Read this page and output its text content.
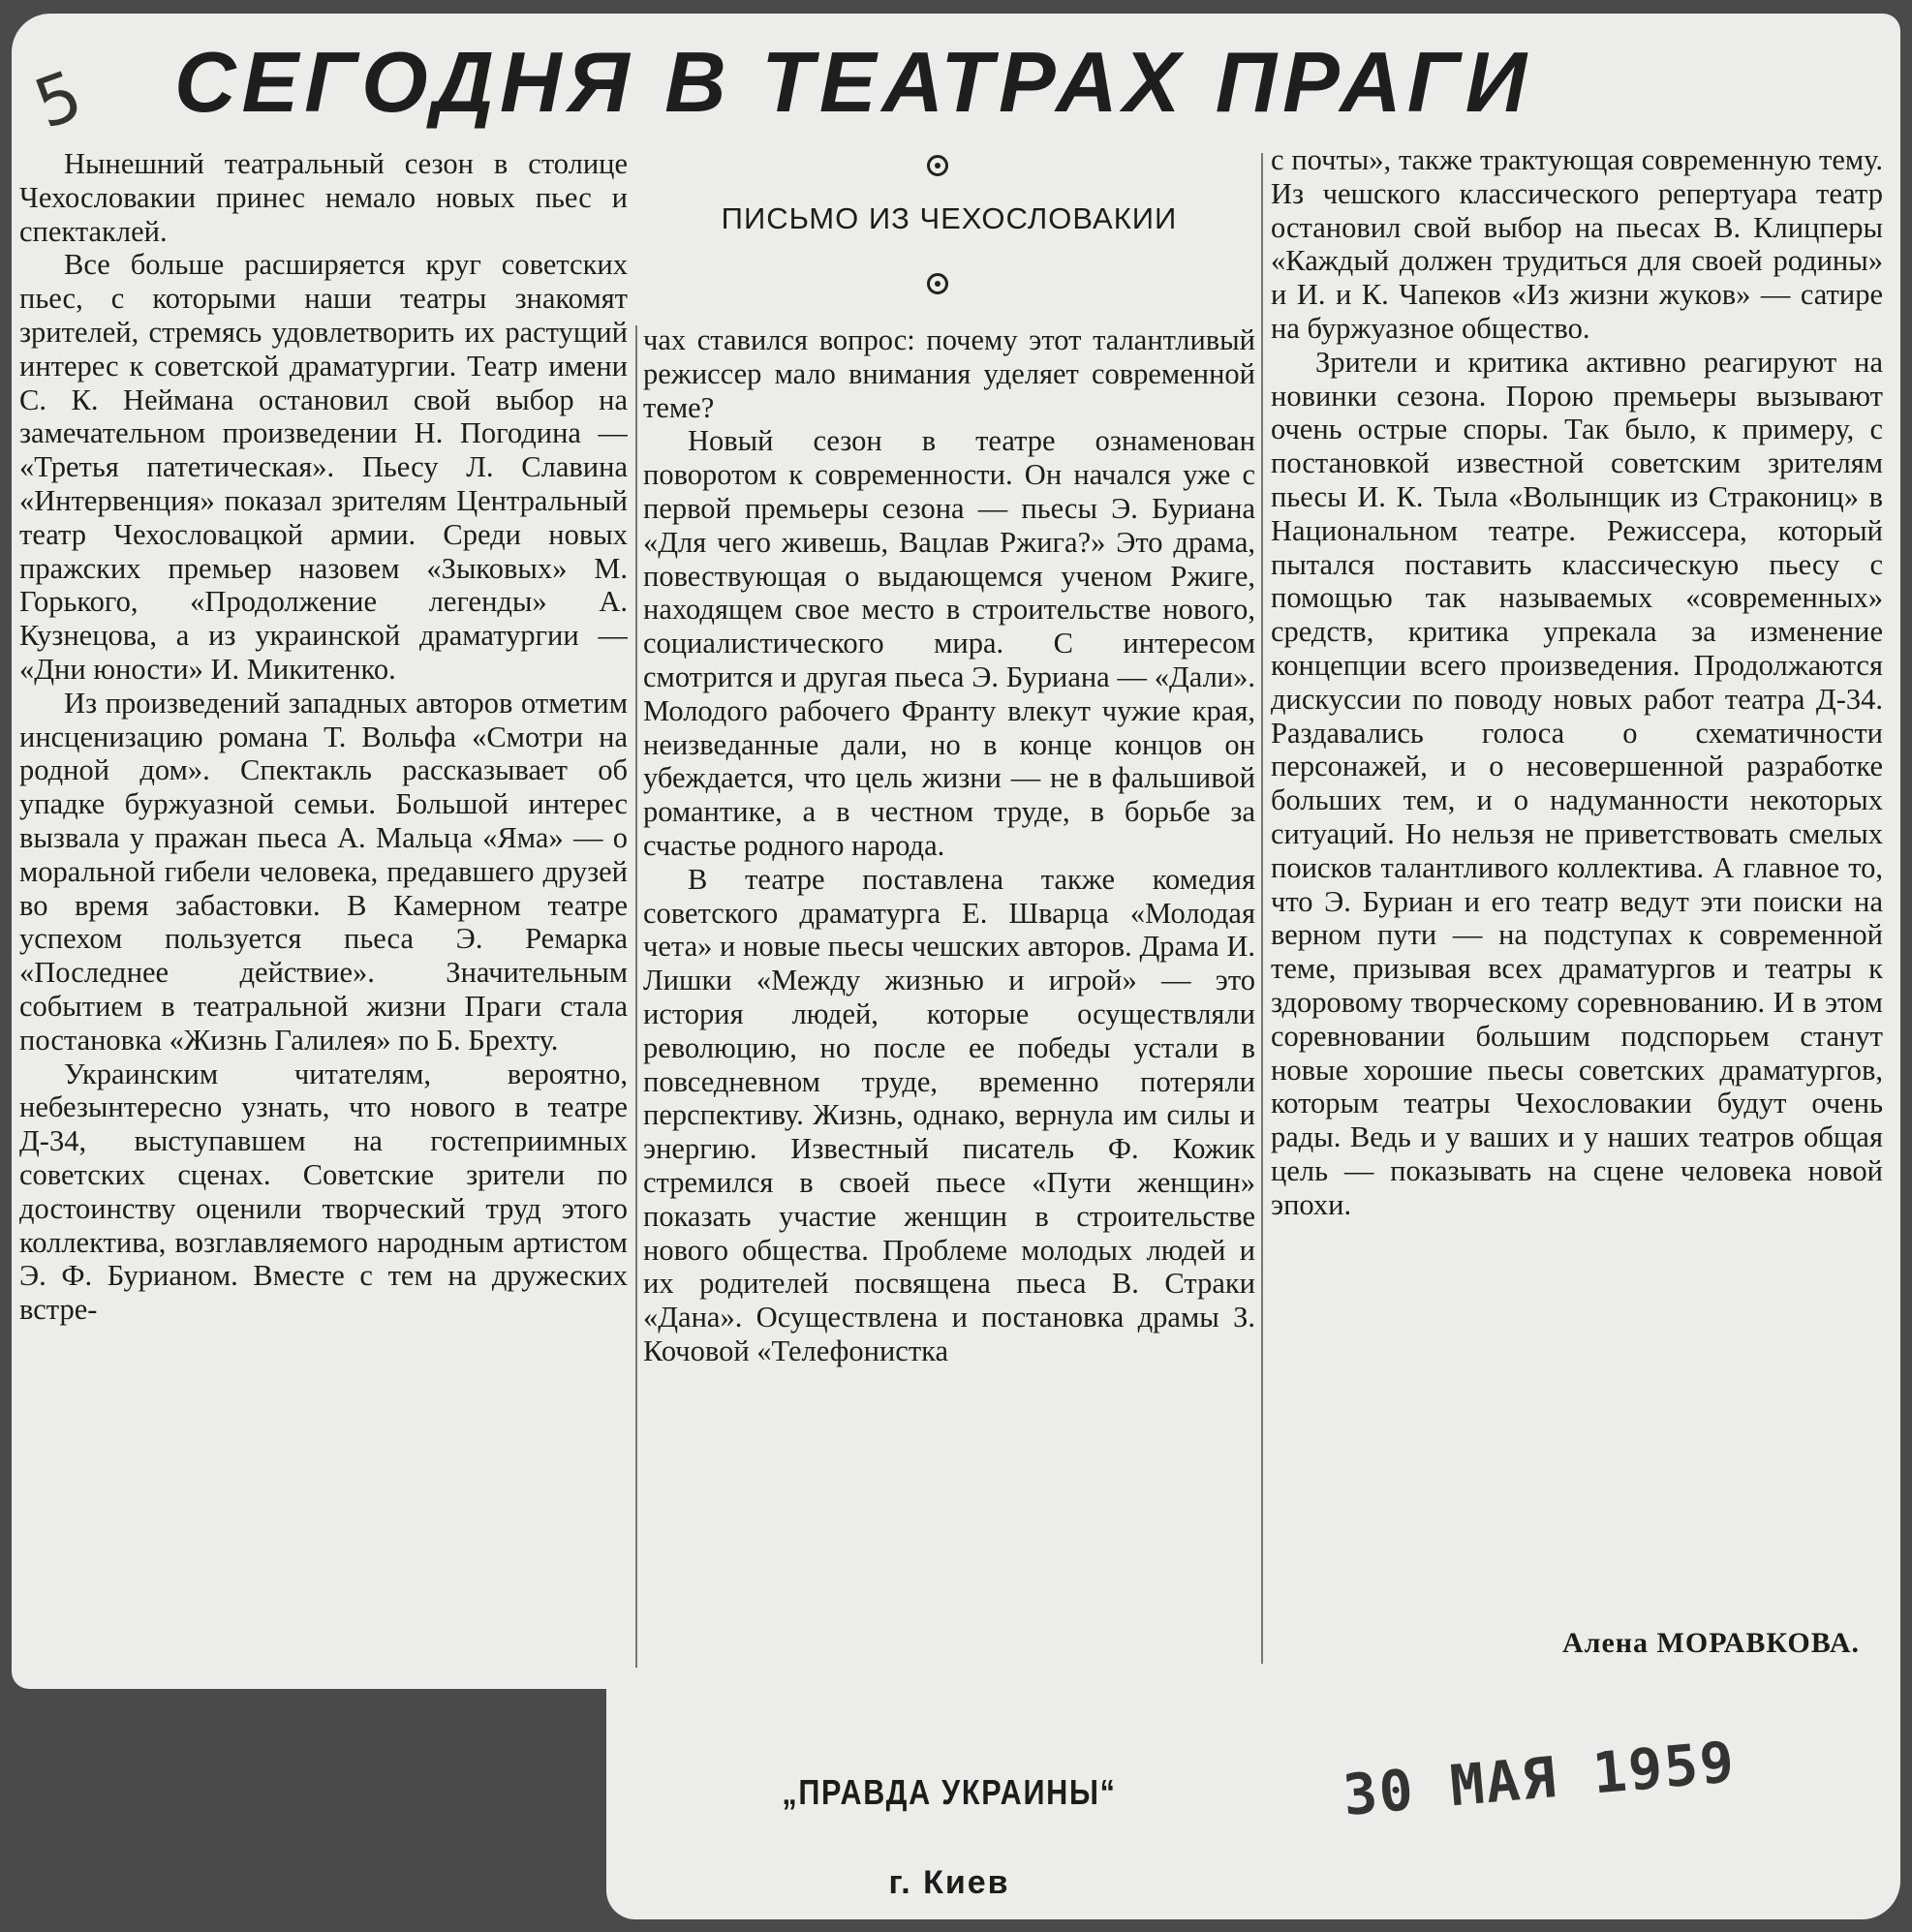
5 СЕГОДНЯ В ТЕАТРАХ ПРАГИ
ПИСЬМО ИЗ ЧЕХОСЛОВАКИИ

Нынешний театральный сезон в столице Чехословакии принес немало новых пьес и спектаклей.

Все больше расширяется круг советских пьес, с которыми наши театры знакомят зрителей, стремясь удовлетворить их растущий интерес к советской драматургии. Театр имени С. К. Неймана остановил свой выбор на замечательном произведении Н. Погодина — «Третья патетическая». Пьесу Л. Славина «Интервенция» показал зрителям Центральный театр Чехословацкой армии. Среди новых пражских премьер назовем «Зыковых» М. Горького, «Продолжение легенды» А. Кузнецова, а из украинской драматургии — «Дни юности» И. Микитенко.

Из произведений западных авторов отметим инсценизацию романа Т. Вольфа «Смотри на родной дом». Спектакль рассказывает об упадке буржуазной семьи. Большой интерес вызвала у пражан пьеса А. Мальца «Яма» — о моральной гибели человека, предавшего друзей во время забастовки. В Камерном театре успехом пользуется пьеса Э. Ремарка «Последнее действие». Значительным событием в театральной жизни Праги стала постановка «Жизнь Галилея» по Б. Брехту.

Украинским читателям, вероятно, небезынтересно узнать, что нового в театре Д-34, выступавшем на гостеприимных советских сценах. Советские зрители по достоинству оценили творческий труд этого коллектива, возглавляемого народным артистом Э. Ф. Бурианом. Вместе с тем на дружеских встре-

чах ставился вопрос: почему этот талантливый режиссер мало внимания уделяет современной теме?

Новый сезон в театре ознаменован поворотом к современности. Он начался уже с первой премьеры сезона — пьесы Э. Буриана «Для чего живешь, Вацлав Ржига?» Это драма, повествующая о выдающемся ученом Ржиге, находящем свое место в строительстве нового, социалистического мира. С интересом смотрится и другая пьеса Э. Буриана — «Дали». Молодого рабочего Франту влекут чужие края, неизведанные дали, но в конце концов он убеждается, что цель жизни — не в фальшивой романтике, а в честном труде, в борьбе за счастье родного народа.

В театре поставлена также комедия советского драматурга Е. Шварца «Молодая чета» и новые пьесы чешских авторов. Драма И. Лишки «Между жизнью и игрой» — это история людей, которые осуществляли революцию, но после ее победы устали в повседневном труде, временно потеряли перспективу. Жизнь, однако, вернула им силы и энергию. Известный писатель Ф. Кожик стремился в своей пьесе «Пути женщин» показать участие женщин в строительстве нового общества. Проблеме молодых людей и их родителей посвящена пьеса В. Страки «Дана». Осуществлена и постановка драмы З. Кочовой «Телефонистка

с почты», также трактующая современную тему. Из чешского классического репертуара театр остановил свой выбор на пьесах В. Клицперы «Каждый должен трудиться для своей родины» и И. и К. Чапеков «Из жизни жуков» — сатире на буржуазное общество.

Зрители и критика активно реагируют на новинки сезона. Порою премьеры вызывают очень острые споры. Так было, к примеру, с постановкой известной советским зрителям пьесы И. К. Тыла «Волынщик из Стракониц» в Национальном театре. Режиссера, который пытался поставить классическую пьесу с помощью так называемых «современных» средств, критика упрекала за изменение концепции всего произведения. Продолжаются дискуссии по поводу новых работ театра Д-34. Раздавались голоса о схематичности персонажей, и о несовершенной разработке больших тем, и о надуманности некоторых ситуаций. Но нельзя не приветствовать смелых поисков талантливого коллектива. А главное то, что Э. Буриан и его театр ведут эти поиски на верном пути — на подступах к современной теме, призывая всех драматургов и театры к здоровому творческому соревнованию. И в этом соревновании большим подспорьем станут новые хорошие пьесы советских драматургов, которым театры Чехословакии будут очень рады. Ведь и у ваших и у наших театров общая цель — показывать на сцене человека новой эпохи.

Алена МОРАВКОВА.
„ПРАВДА УКРАИНЫ“
г. Киев
30 МАЯ 1959
